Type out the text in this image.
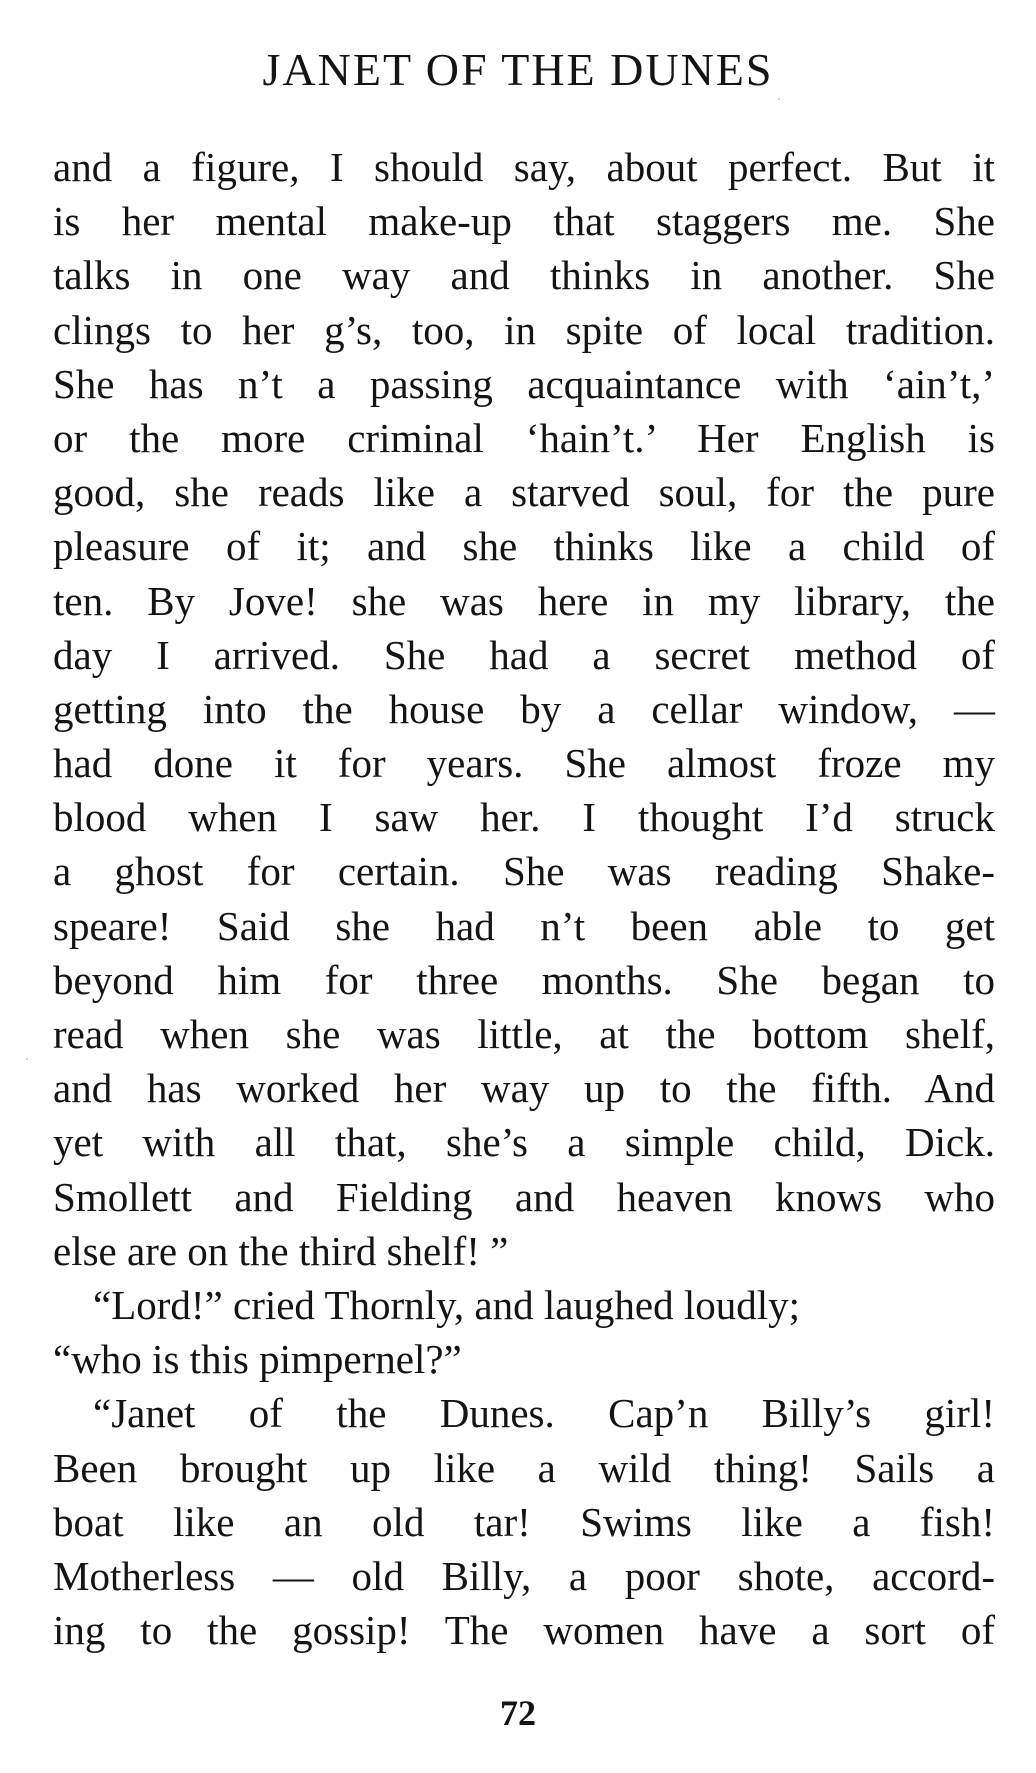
JANET OF THE DUNES
and a figure, I should say, about perfect. But it
is her mental make-up that staggers me. She
talks in one way and thinks in another. She
clings to her g’s, too, in spite of local tradition.
She has n’t a passing acquaintance with ‘ain’t,’
or the more criminal ‘hain’t.’ Her English is
good, she reads like a starved soul, for the pure
pleasure of it; and she thinks like a child of
ten. By Jove! she was here in my library, the
day I arrived. She had a secret method of
getting into the house by a cellar window, —
had done it for years. She almost froze my
blood when I saw her. I thought I’d struck
a ghost for certain. She was reading Shake-
speare! Said she had n’t been able to get
beyond him for three months. She began to
read when she was little, at the bottom shelf,
and has worked her way up to the fifth. And
yet with all that, she’s a simple child, Dick.
Smollett and Fielding and heaven knows who
else are on the third shelf! ”
“Lord!” cried Thornly, and laughed loudly;
“who is this pimpernel?”
“Janet of the Dunes. Cap’n Billy’s girl!
Been brought up like a wild thing! Sails a
boat like an old tar! Swims like a fish!
Motherless — old Billy, a poor shote, accord-
ing to the gossip! The women have a sort of
72
